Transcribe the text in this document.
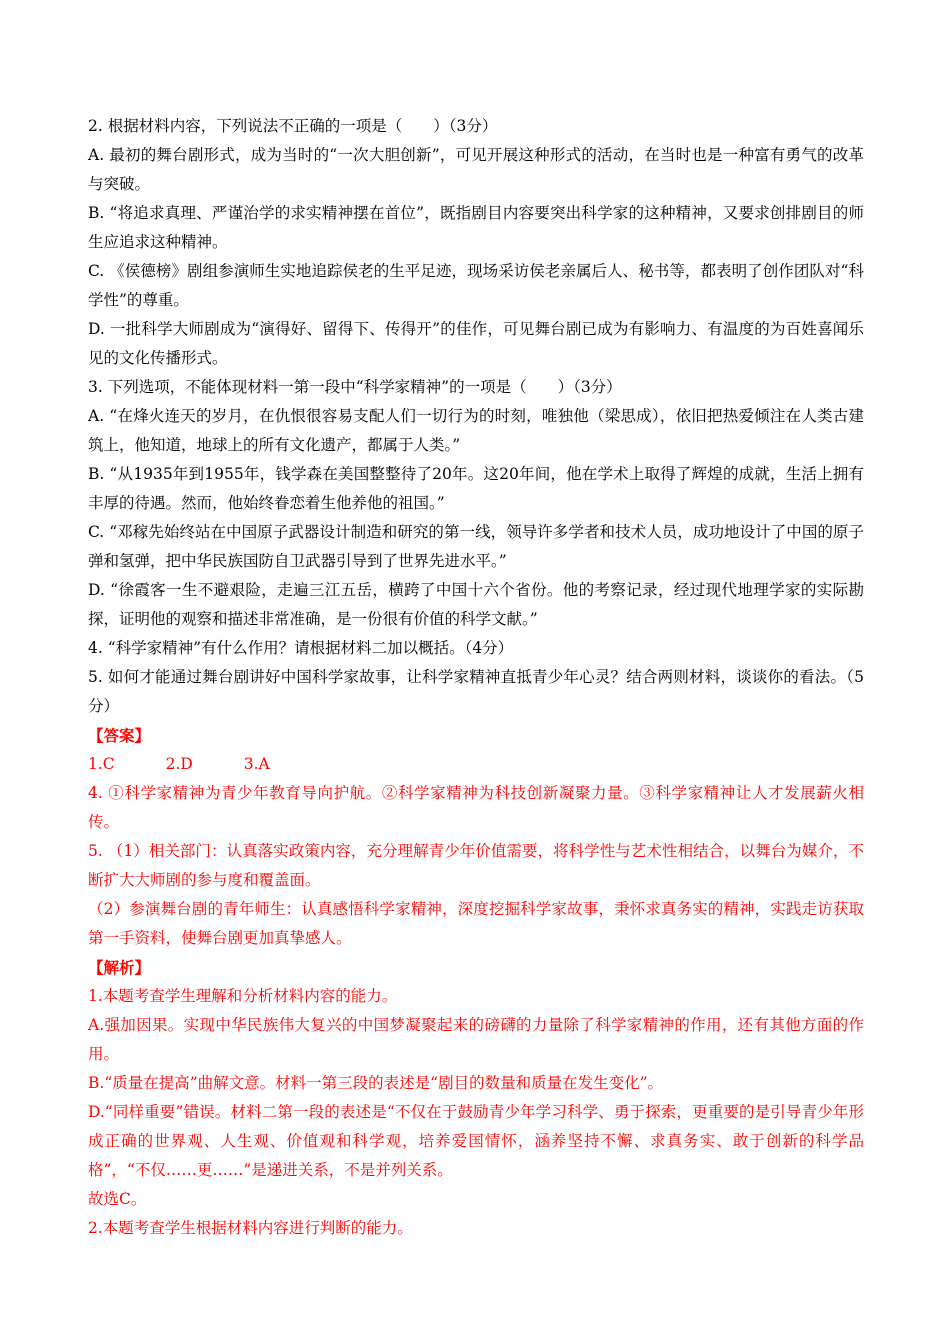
2. 根据材料内容，下列说法不正确的一项是（　　）（3分）

A. 最初的舞台剧形式，成为当时的“一次大胆创新”，可见开展这种形式的活动，在当时也是一种富有勇气的改革与突破。

B. “将追求真理、严谨治学的求实精神摆在首位”，既指剧目内容要突出科学家的这种精神，又要求创排剧目的师生应追求这种精神。

C. 《侯德榜》剧组参演师生实地追踪侯老的生平足迹，现场采访侯老亲属后人、秘书等，都表明了创作团队对“科学性”的尊重。

D. 一批科学大师剧成为“演得好、留得下、传得开”的佳作，可见舞台剧已成为有影响力、有温度的为百姓喜闻乐见的文化传播形式。

3. 下列选项，不能体现材料一第一段中“科学家精神”的一项是（　　）（3分）

A. “在烽火连天的岁月，在仇恨很容易支配人们一切行为的时刻，唯独他（梁思成），依旧把热爱倾注在人类古建筑上，他知道，地球上的所有文化遗产，都属于人类。”

B. “从1935年到1955年，钱学森在美国整整待了20年。这20年间，他在学术上取得了辉煌的成就，生活上拥有丰厚的待遇。然而，他始终眷恋着生他养他的祖国。”

C. “邓稼先始终站在中国原子武器设计制造和研究的第一线，领导许多学者和技术人员，成功地设计了中国的原子弹和氢弹，把中华民族国防自卫武器引导到了世界先进水平。”

D. “徐霞客一生不避艰险，走遍三江五岳，横跨了中国十六个省份。他的考察记录，经过现代地理学家的实际勘探，证明他的观察和描述非常准确，是一份很有价值的科学文献。”

4. “科学家精神”有什么作用？请根据材料二加以概括。（4分）

5. 如何才能通过舞台剧讲好中国科学家故事，让科学家精神直抵青少年心灵？结合两则材料，谈谈你的看法。（5分）

【答案】

1.C	2.D	3.A

4. ①科学家精神为青少年教育导向护航。②科学家精神为科技创新凝聚力量。③科学家精神让人才发展薪火相传。

5. （1）相关部门：认真落实政策内容，充分理解青少年价值需要，将科学性与艺术性相结合，以舞台为媒介，不断扩大大师剧的参与度和覆盖面。

（2）参演舞台剧的青年师生：认真感悟科学家精神，深度挖掘科学家故事，秉怀求真务实的精神，实践走访获取第一手资料，使舞台剧更加真挚感人。

【解析】

1.本题考查学生理解和分析材料内容的能力。

A.强加因果。实现中华民族伟大复兴的中国梦凝聚起来的磅礴的力量除了科学家精神的作用，还有其他方面的作用。

B.“质量在提高”曲解文意。材料一第三段的表述是“剧目的数量和质量在发生变化”。

D.“同样重要”错误。材料二第一段的表述是“不仅在于鼓励青少年学习科学、勇于探索，更重要的是引导青少年形成正确的世界观、人生观、价值观和科学观，培养爱国情怀，涵养坚持不懈、求真务实、敢于创新的科学品格”，“不仅……更……”是递进关系，不是并列关系。

故选C。

2.本题考查学生根据材料内容进行判断的能力。
